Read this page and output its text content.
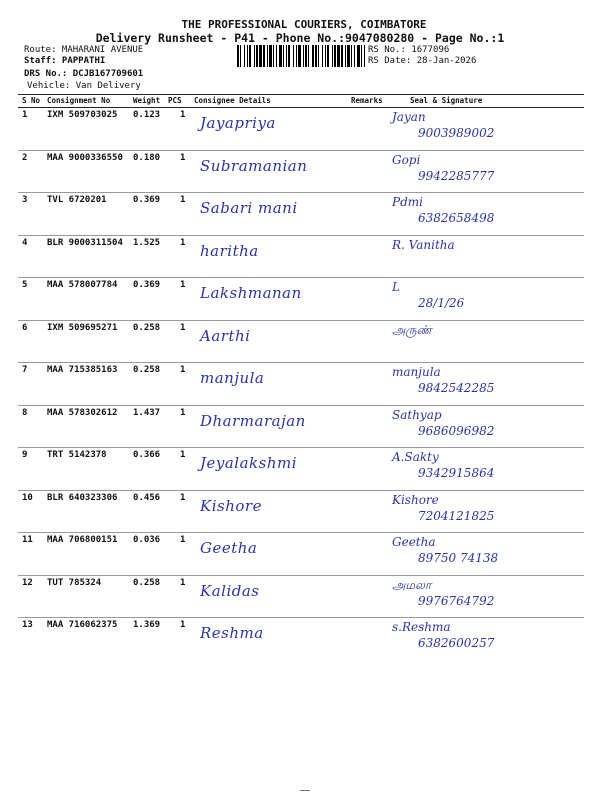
THE PROFESSIONAL COURIERS, COIMBATORE
Delivery Runsheet - P41 - Phone No.:9047080280 - Page No.:1
Route: MAHARANI AVENUE
Staff: PAPPATHI
DRS No.: DCJB167709601
Vehicle: Van Delivery
RS No.: 1677096
RS Date: 28-Jan-2026
S No Consignment No	Weight PCS Consignee Details	Remarks	Seal & Signature
1 IXM 509703025 0.123 1 Jayapriya	Jayan
9003989002
2 MAA 9000336550 0.180 1 Subramanian	Gopi
9942285777
3 TVL 6720201	0.369 1 Sabari mani	Pdmi
6382658498
4 BLR 9000311504 1.525 1 haritha	R. Vanitha
5 MAA 578007784 0.369 1 Lakshmanan	L
28/1/26
6 IXM 509695271 0.258 1 Aarthi	அருண்
7 MAA 715385163 0.258 1 manjula	manjula
9842542285
8 MAA 578302612 1.437 1 Dharmarajan	Sathyap
9686096982
9 TRT 5142378	0.366 1 Jeyalakshmi	A.Sakty
9342915864
10 BLR 640323306 0.456 1 Kishore	Kishore
7204121825
11 MAA 706800151 0.036 1 Geetha	Geetha
89750 74138
12 TUT 785324	0.258 1 Kalidas	அமலா
9976764792
13 MAA 716062375 1.369 1 Reshma	s.Reshma
6382600257
